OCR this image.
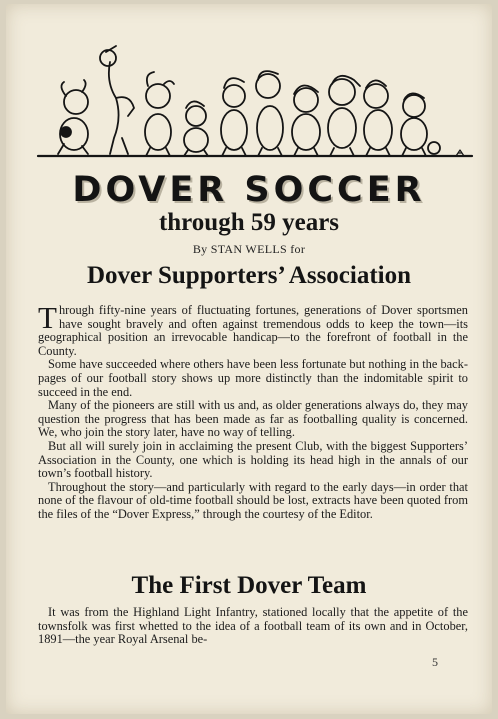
DOVER SOCCER
through 59 years

By STAN WELLS for

Dover Supporters’ Association

Through fifty-nine years of fluctuating fortunes, generations of Dover sportsmen have sought bravely and often against tremendous odds to keep the town—its geographical position an irrevocable handicap—to the forefront of football in the County.

Some have succeeded where others have been less fortunate but nothing in the back-pages of our football story shows up more distinctly than the indomitable spirit to succeed in the end.

Many of the pioneers are still with us and, as older generations always do, they may question the progress that has been made as far as footballing quality is concerned. We, who join the story later, have no way of telling.

But all will surely join in acclaiming the present Club, with the biggest Supporters’ Association in the County, one which is holding its head high in the annals of our town’s football history.

Throughout the story—and particularly with regard to the early days—in order that none of the flavour of old-time football should be lost, extracts have been quoted from the files of the “Dover Express,” through the courtesy of the Editor.

The First Dover Team

It was from the Highland Light Infantry, stationed locally that the appetite of the townsfolk was first whetted to the idea of a football team of its own and in October, 1891—the year Royal Arsenal be-

5
